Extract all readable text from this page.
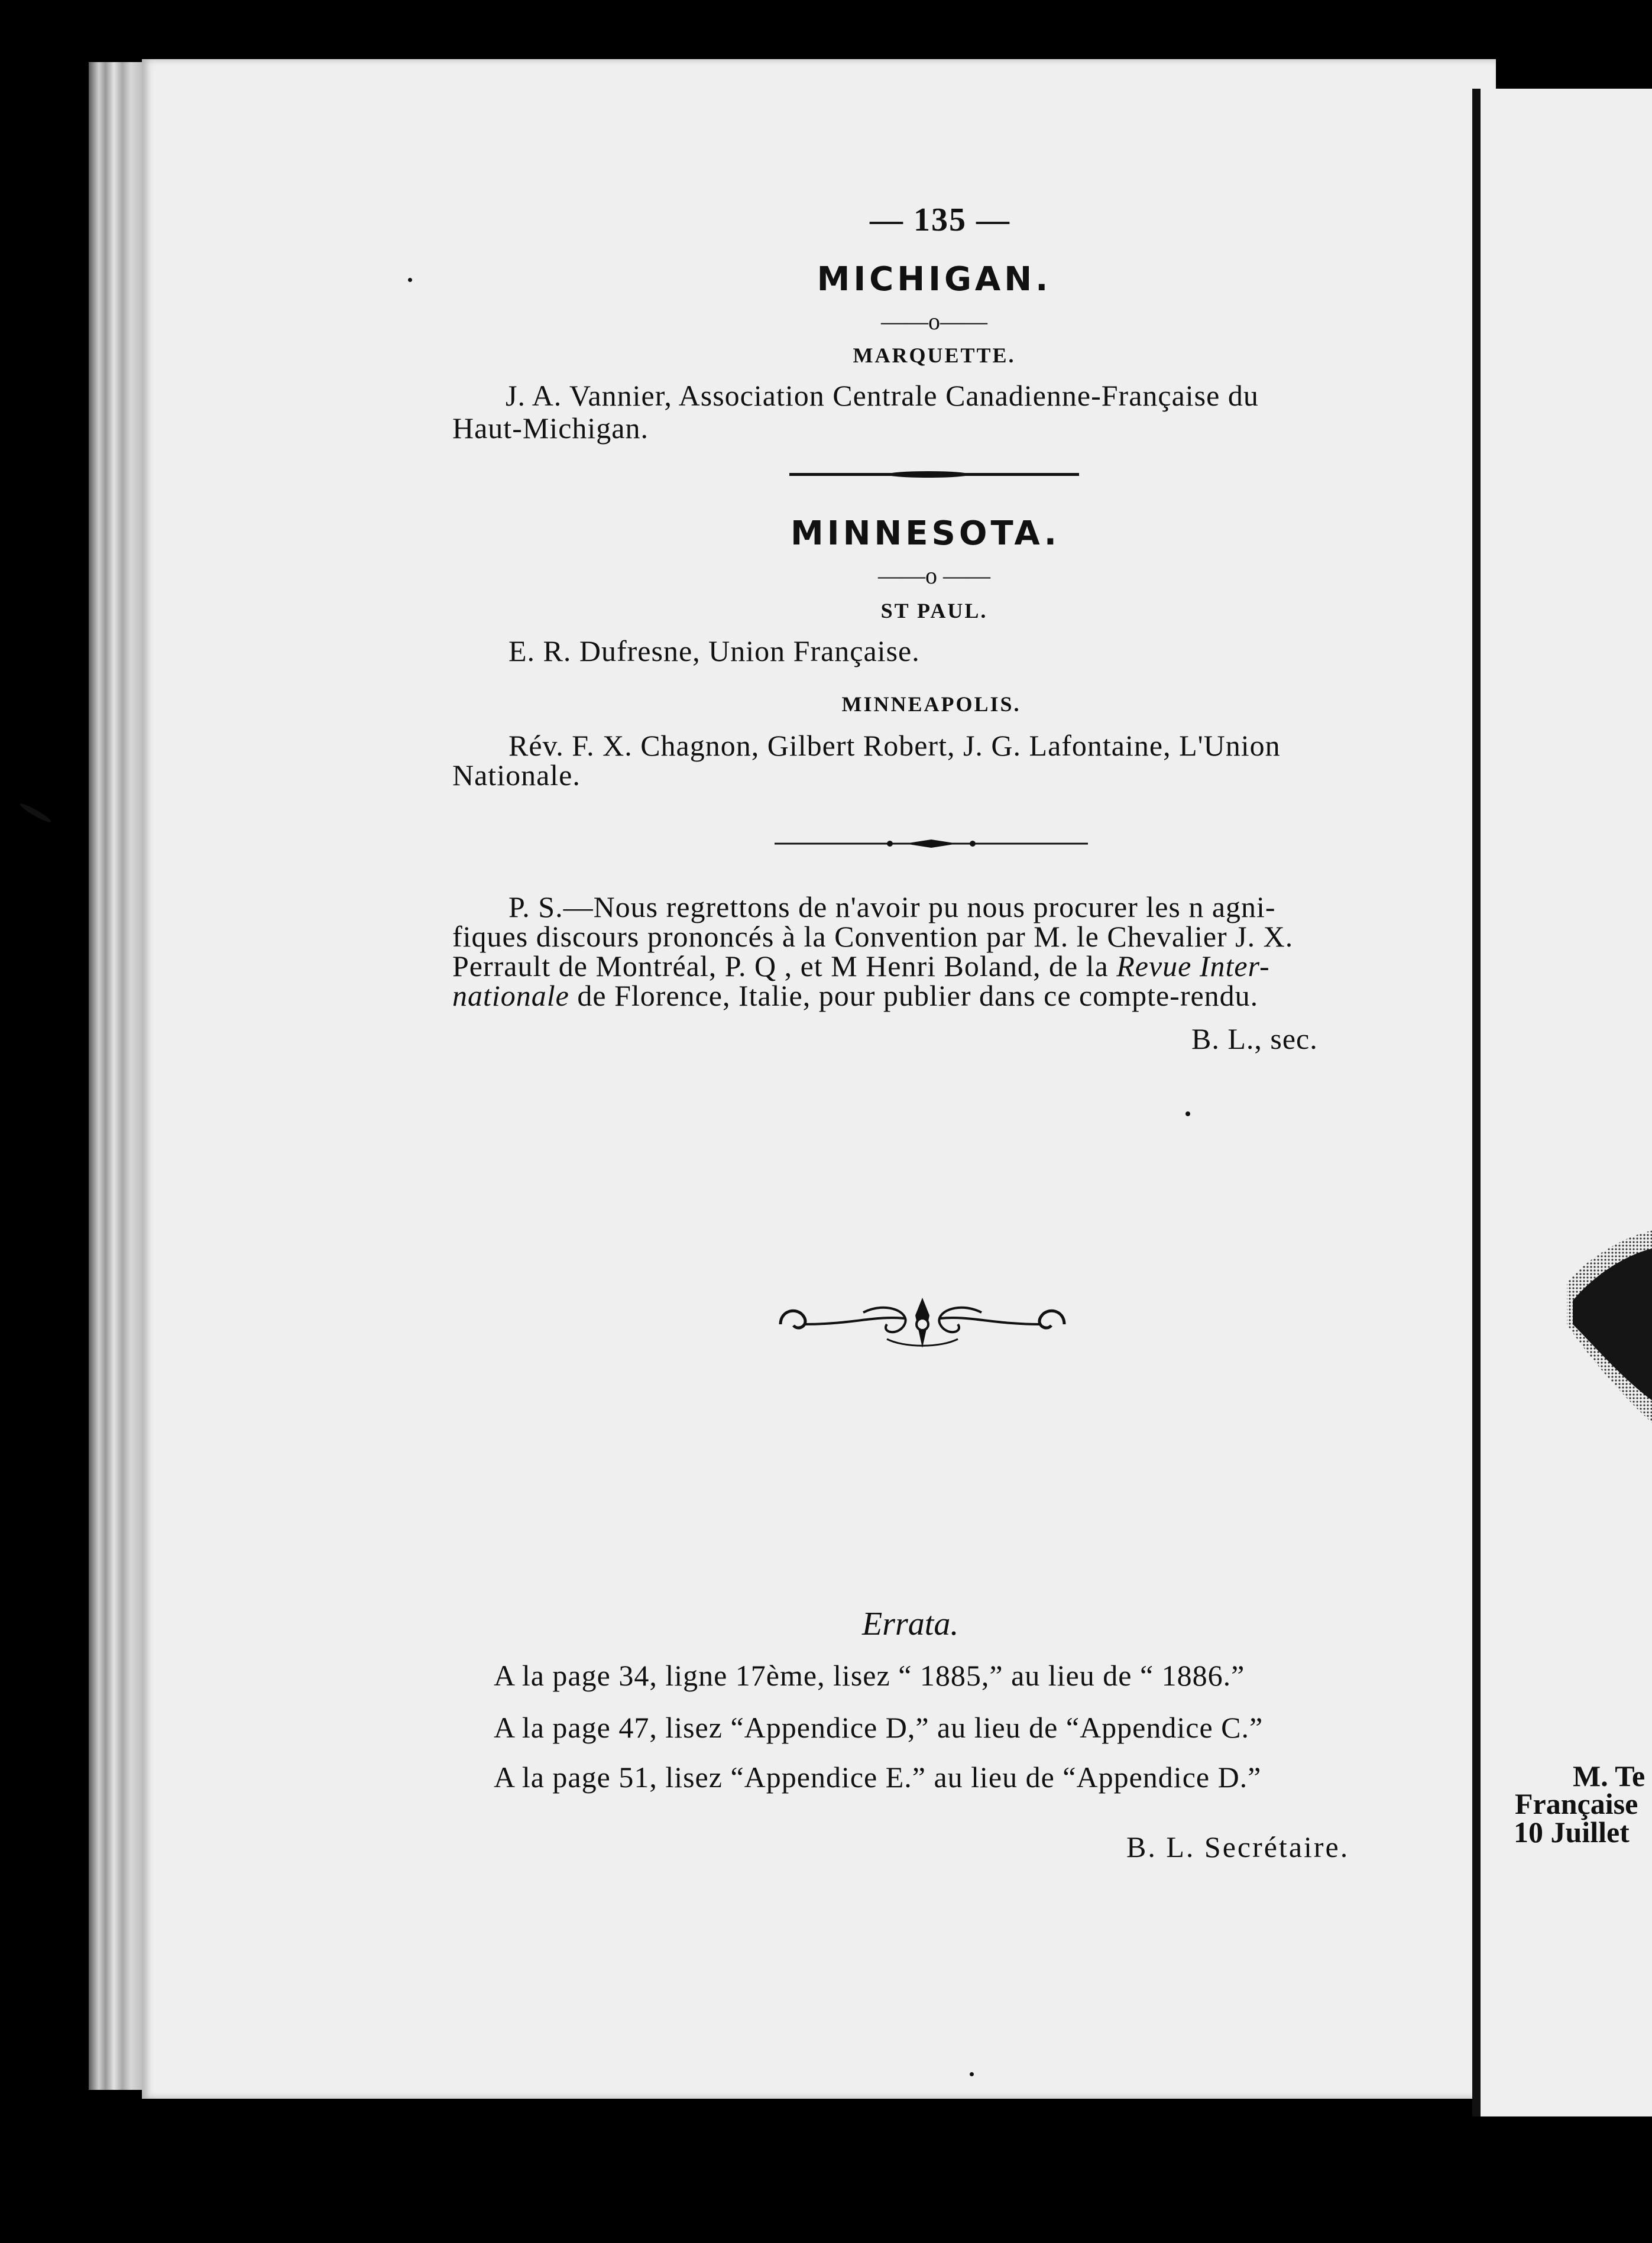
— 135 —
MICHIGAN.
——o——
MARQUETTE.
J. A. Vannier, Association Centrale Canadienne-Française du
Haut-Michigan.
MINNESOTA.
——o ——
ST PAUL.
E. R. Dufresne, Union Française.
MINNEAPOLIS.
Rév. F. X. Chagnon, Gilbert Robert, J. G. Lafontaine, L'Union
Nationale.
P. S.—Nous regrettons de n'avoir pu nous procurer les n agni-
fiques discours prononcés à la Convention par M. le Chevalier J. X.
Perrault de Montréal, P. Q , et M Henri Boland, de la Revue Inter-
nationale de Florence, Italie, pour publier dans ce compte-rendu.
B. L., sec.
Errata.
A la page 34, ligne 17ème, lisez “ 1885,” au lieu de “ 1886.”
A la page 47, lisez “Appendice D,” au lieu de “Appendice C.”
A la page 51, lisez “Appendice E.” au lieu de “Appendice D.”
B. L. Secrétaire.
M. Te
Française
10 Juillet
